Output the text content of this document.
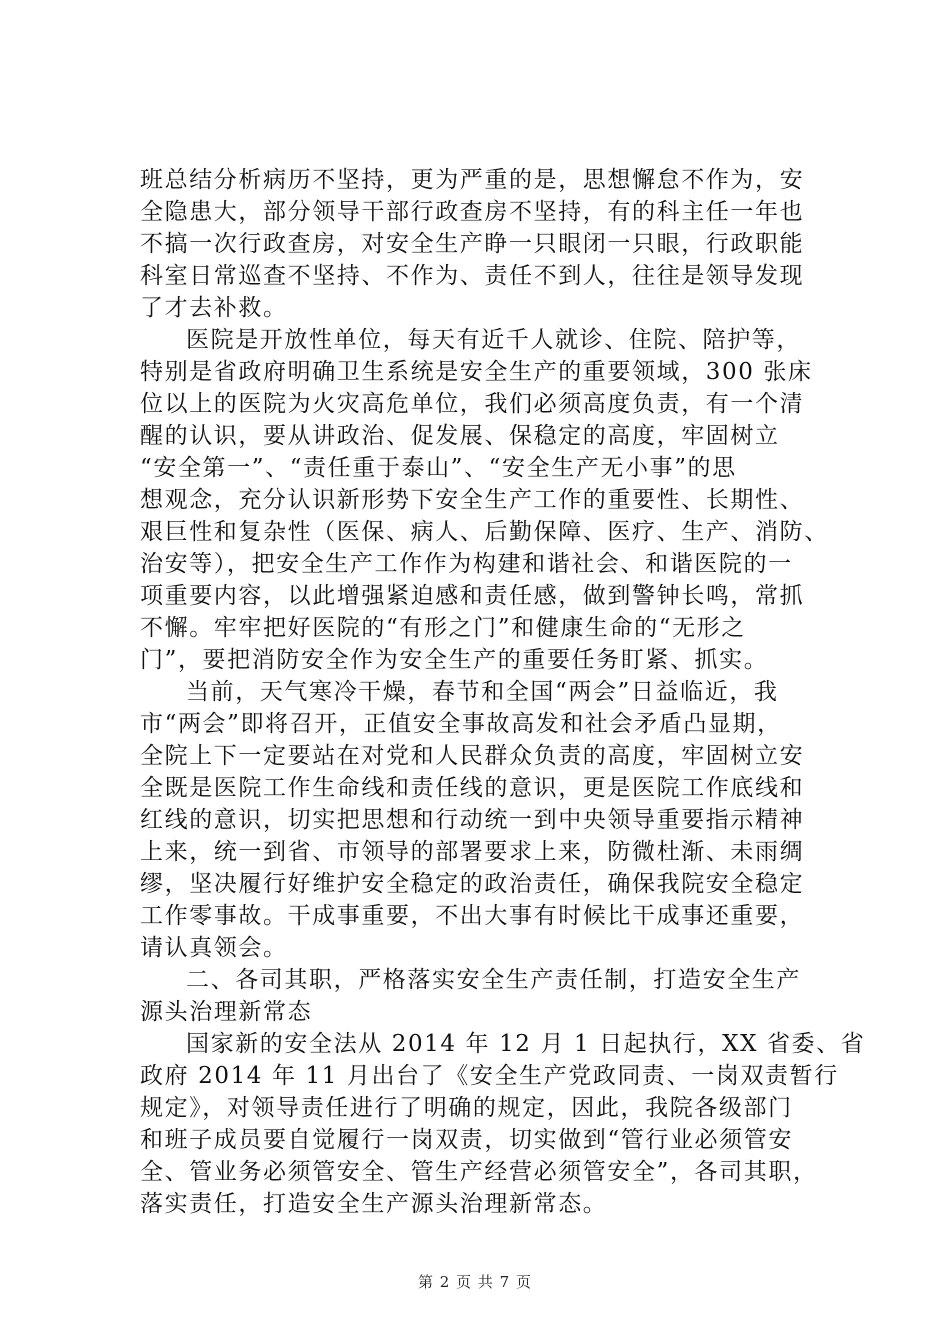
班总结分析病历不坚持，更为严重的是，思想懈怠不作为，安
全隐患大，部分领导干部行政查房不坚持，有的科主任一年也
不搞一次行政查房，对安全生产睁一只眼闭一只眼，行政职能
科室日常巡查不坚持、不作为、责任不到人，往往是领导发现
了才去补救。
医院是开放性单位，每天有近千人就诊、住院、陪护等，
特别是省政府明确卫生系统是安全生产的重要领域，300 张床
位以上的医院为火灾高危单位，我们必须高度负责，有一个清
醒的认识，要从讲政治、促发展、保稳定的高度，牢固树立
“安全第一”、“责任重于泰山”、“安全生产无小事”的思
想观念，充分认识新形势下安全生产工作的重要性、长期性、
艰巨性和复杂性（医保、病人、后勤保障、医疗、生产、消防、
治安等），把安全生产工作作为构建和谐社会、和谐医院的一
项重要内容，以此增强紧迫感和责任感，做到警钟长鸣，常抓
不懈。牢牢把好医院的“有形之门”和健康生命的“无形之
门”，要把消防安全作为安全生产的重要任务盯紧、抓实。
当前，天气寒冷干燥，春节和全国“两会”日益临近，我
市“两会”即将召开，正值安全事故高发和社会矛盾凸显期，
全院上下一定要站在对党和人民群众负责的高度，牢固树立安
全既是医院工作生命线和责任线的意识，更是医院工作底线和
红线的意识，切实把思想和行动统一到中央领导重要指示精神
上来，统一到省、市领导的部署要求上来，防微杜渐、未雨绸
缪，坚决履行好维护安全稳定的政治责任，确保我院安全稳定
工作零事故。干成事重要，不出大事有时候比干成事还重要，
请认真领会。
二、各司其职，严格落实安全生产责任制，打造安全生产
源头治理新常态
国家新的安全法从 2014 年 12 月 1 日起执行，XX 省委、省
政府 2014 年 11 月出台了《安全生产党政同责、一岗双责暂行
规定》，对领导责任进行了明确的规定，因此，我院各级部门
和班子成员要自觉履行一岗双责，切实做到“管行业必须管安
全、管业务必须管安全、管生产经营必须管安全”，各司其职，
落实责任，打造安全生产源头治理新常态。
第 2 页 共 7 页
